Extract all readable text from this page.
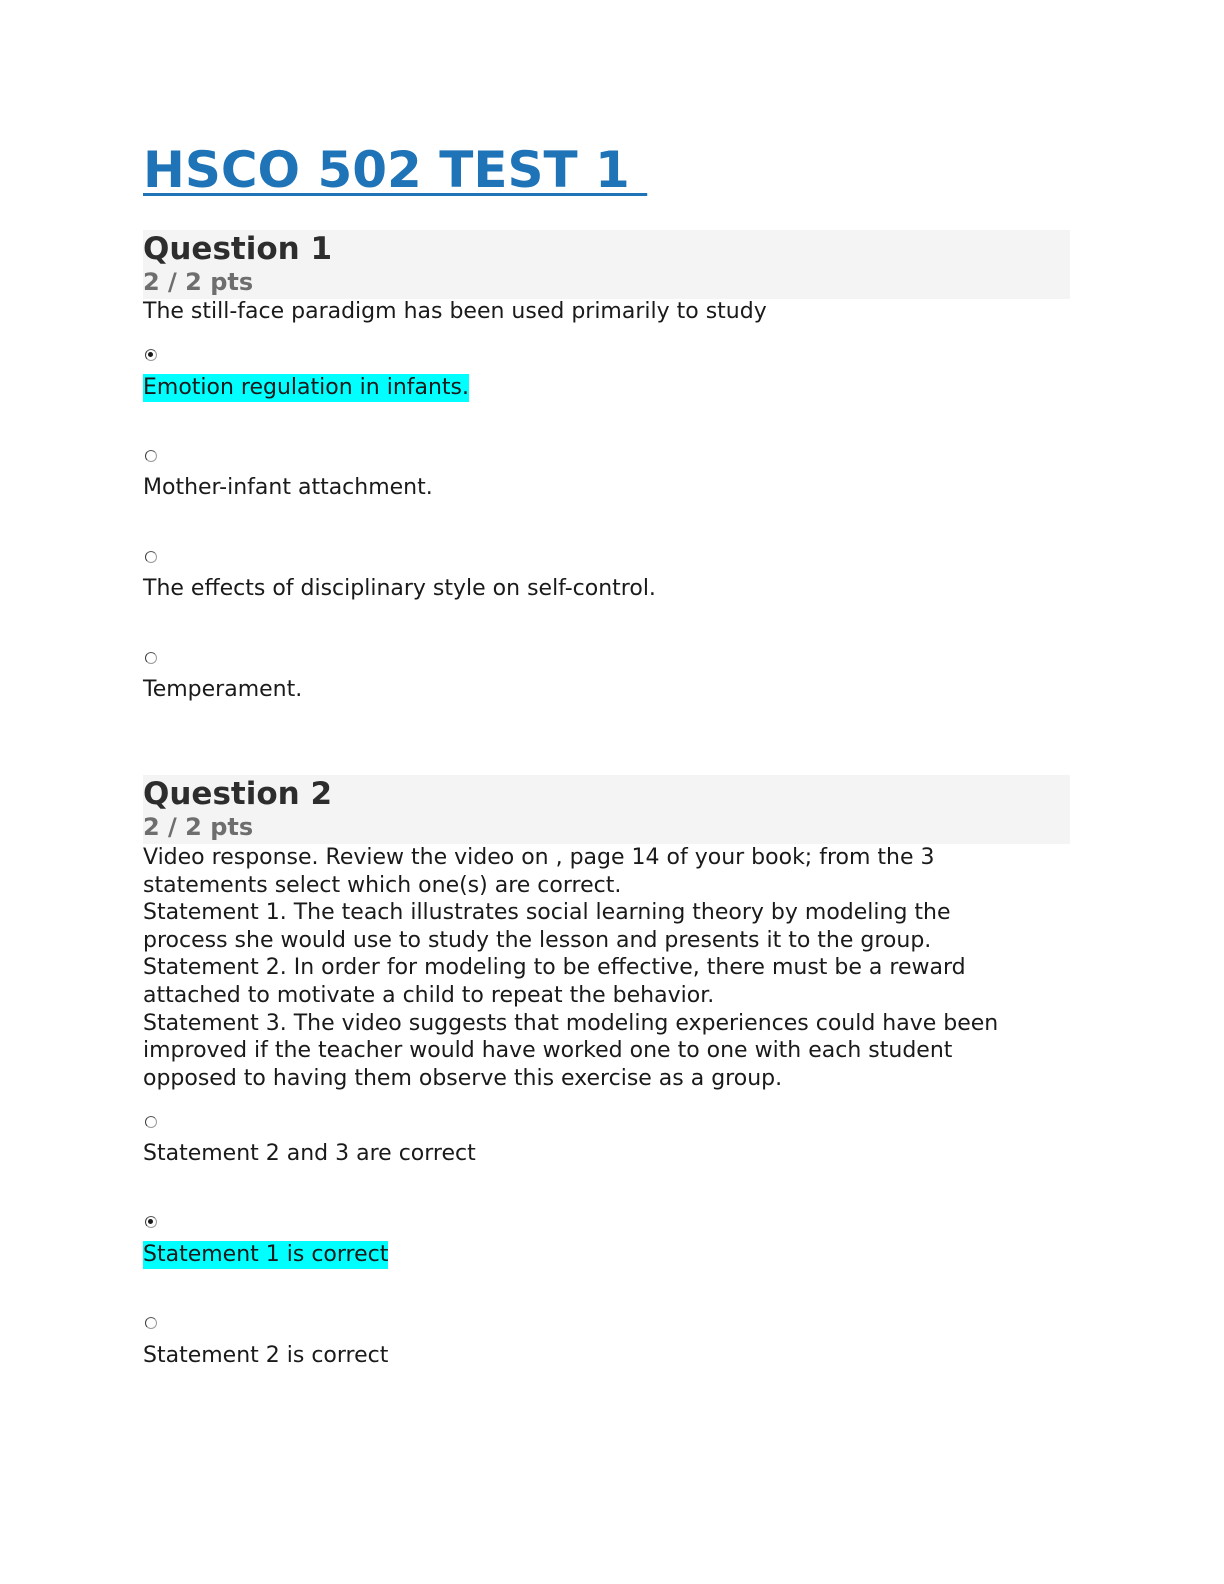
HSCO 502 TEST 1
Question 1
2 / 2 pts
The still-face paradigm has been used primarily to study
Emotion regulation in infants.
Mother-infant attachment.
The effects of disciplinary style on self-control.
Temperament.
Question 2
2 / 2 pts
Video response. Review the video on , page 14 of your book; from the 3
statements select which one(s) are correct.
Statement 1. The teach illustrates social learning theory by modeling the
process she would use to study the lesson and presents it to the group.
Statement 2. In order for modeling to be effective, there must be a reward
attached to motivate a child to repeat the behavior.
Statement 3. The video suggests that modeling experiences could have been
improved if the teacher would have worked one to one with each student
opposed to having them observe this exercise as a group.
Statement 2 and 3 are correct
Statement 1 is correct
Statement 2 is correct
